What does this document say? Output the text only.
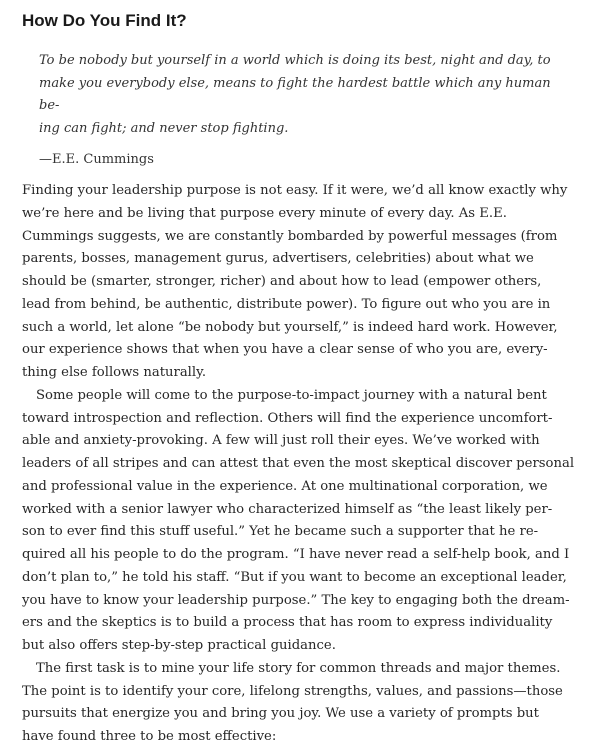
How Do You Find It?
To be nobody but yourself in a world which is doing its best, night and day, to
make you everybody else, means to fight the hardest battle which any human be-
ing can fight; and never stop fighting.
—E.E. Cummings
Finding your leadership purpose is not easy. If it were, we’d all know exactly why
we’re here and be living that purpose every minute of every day. As E.E.
Cummings suggests, we are constantly bombarded by powerful messages (from
parents, bosses, management gurus, advertisers, celebrities) about what we
should be (smarter, stronger, richer) and about how to lead (empower others,
lead from behind, be authentic, distribute power). To figure out who you are in
such a world, let alone “be nobody but yourself,” is indeed hard work. However,
our experience shows that when you have a clear sense of who you are, every-
thing else follows naturally.
Some people will come to the purpose-to-impact journey with a natural bent
toward introspection and reflection. Others will find the experience uncomfort-
able and anxiety-provoking. A few will just roll their eyes. We’ve worked with
leaders of all stripes and can attest that even the most skeptical discover personal
and professional value in the experience. At one multinational corporation, we
worked with a senior lawyer who characterized himself as “the least likely per-
son to ever find this stuff useful.” Yet he became such a supporter that he re-
quired all his people to do the program. “I have never read a self-help book, and I
don’t plan to,” he told his staff. “But if you want to become an exceptional leader,
you have to know your leadership purpose.” The key to engaging both the dream-
ers and the skeptics is to build a process that has room to express individuality
but also offers step-by-step practical guidance.
The first task is to mine your life story for common threads and major themes.
The point is to identify your core, lifelong strengths, values, and passions—those
pursuits that energize you and bring you joy. We use a variety of prompts but
have found three to be most effective:
